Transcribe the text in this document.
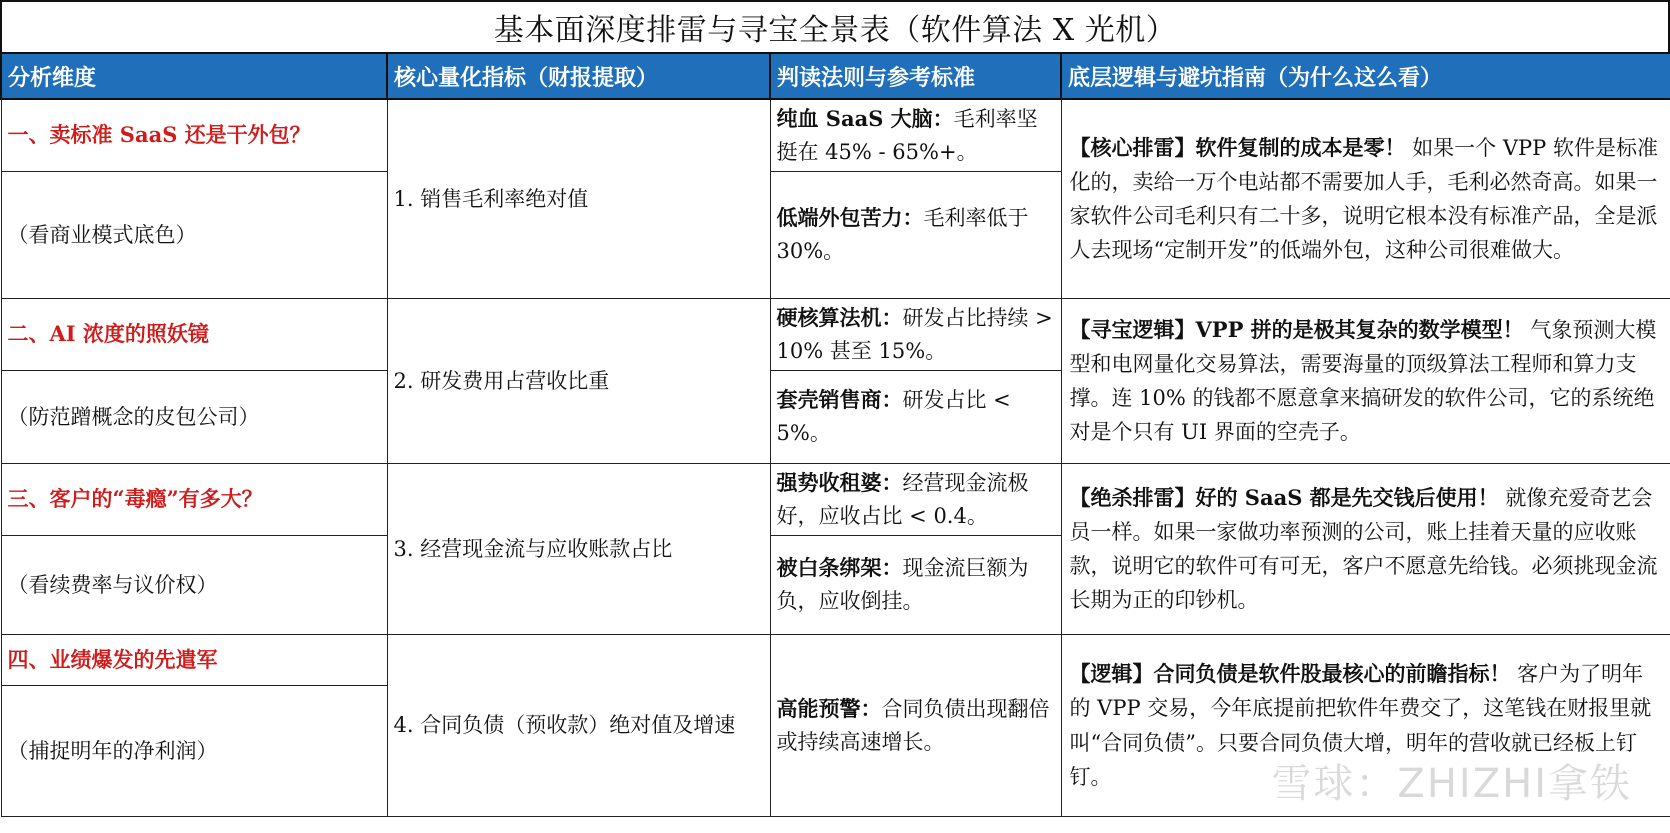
基本面深度排雷与寻宝全景表（软件算法 X 光机）
分析维度	核心量化指标（财报提取）	判读法则与参考标准	底层逻辑与避坑指南（为什么这么看）
一、卖标准 SaaS 还是干外包？	1. 销售毛利率绝对值	纯血 SaaS 大脑：毛利率坚挺在 45% - 65%+。	【核心排雷】软件复制的成本是零！ 如果一个 VPP 软件是标准化的，卖给一万个电站都不需要加人手，毛利必然奇高。如果一家软件公司毛利只有二十多，说明它根本没有标准产品，全是派人去现场“定制开发”的低端外包，这种公司很难做大。
（看商业模式底色）		低端外包苦力：毛利率低于 30%。	
二、AI 浓度的照妖镜	2. 研发费用占营收比重	硬核算法机：研发占比持续 > 10% 甚至 15%。	【寻宝逻辑】VPP 拼的是极其复杂的数学模型！ 气象预测大模型和电网量化交易算法，需要海量的顶级算法工程师和算力支撑。连 10% 的钱都不愿意拿来搞研发的软件公司，它的系统绝对是个只有 UI 界面的空壳子。
（防范蹭概念的皮包公司）		套壳销售商：研发占比 < 5%。	
三、客户的“毒瘾”有多大？	3. 经营现金流与应收账款占比	强势收租婆：经营现金流极好，应收占比 < 0.4。	【绝杀排雷】好的 SaaS 都是先交钱后使用！ 就像充爱奇艺会员一样。如果一家做功率预测的公司，账上挂着天量的应收账款，说明它的软件可有可无，客户不愿意先给钱。必须挑现金流长期为正的印钞机。
（看续费率与议价权）		被白条绑架：现金流巨额为负，应收倒挂。	
四、业绩爆发的先遣军	4. 合同负债（预收款）绝对值及增速	高能预警：合同负债出现翻倍或持续高速增长。	【逻辑】合同负债是软件股最核心的前瞻指标！ 客户为了明年的 VPP 交易，今年底提前把软件年费交了，这笔钱在财报里就叫“合同负债”。只要合同负债大增，明年的营收就已经板上钉钉。
（捕捉明年的净利润）			
雪球：ZHIZHI拿铁
